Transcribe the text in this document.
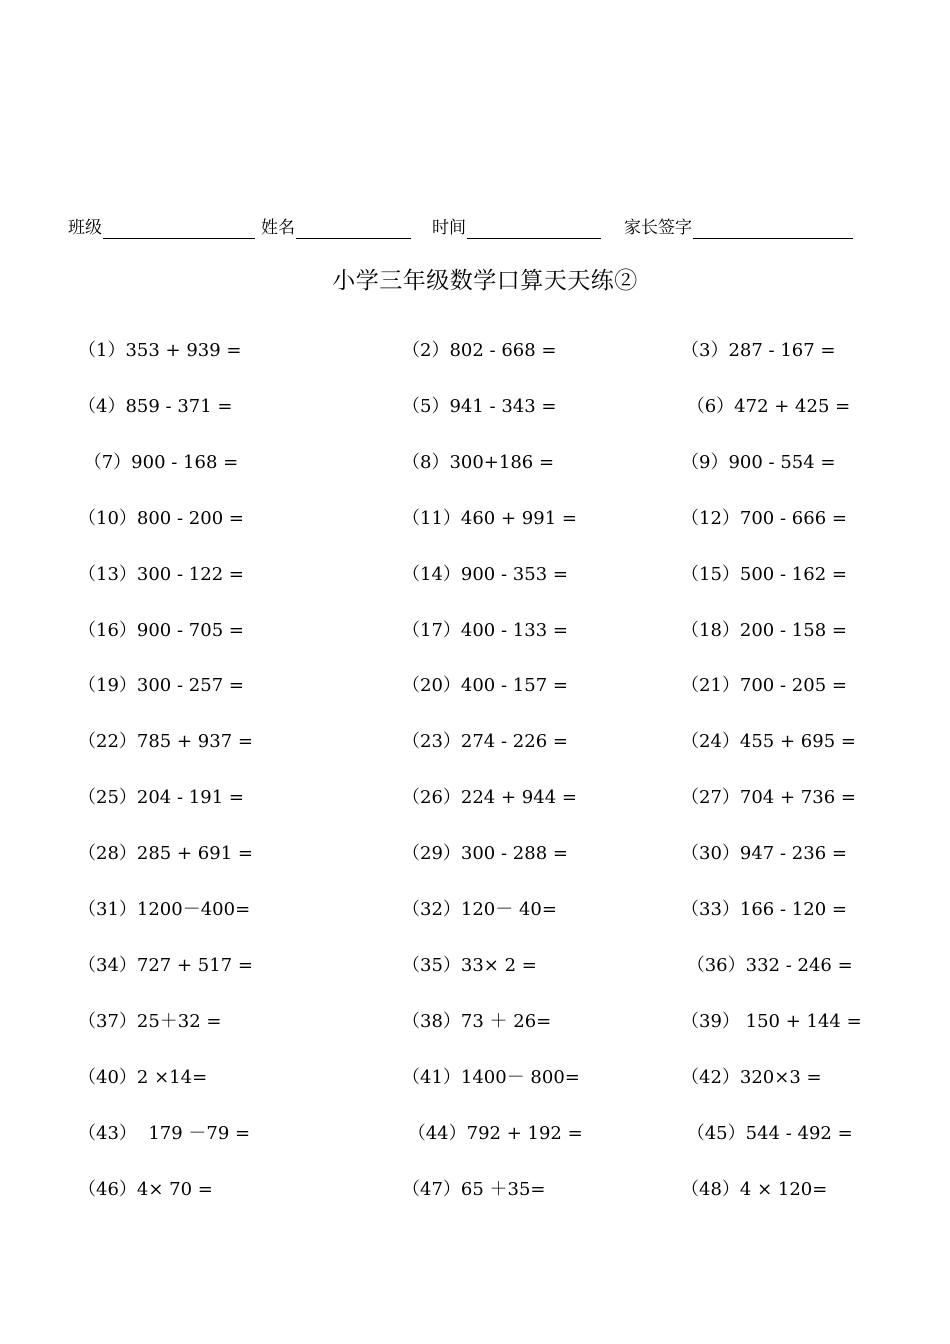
班级	姓名	时间	家长签字
小学三年级数学口算天天练②
（1）353 + 939 =	（2）802 - 668 =	（3）287 - 167 =
（4）859 - 371 =	（5）941 - 343 =	（6）472 + 425 =
（7）900 - 168 =	（8）300+186 =	（9）900 - 554 =
（10）800 - 200 =	（11）460 + 991 =	（12）700 - 666 =
（13）300 - 122 =	（14）900 - 353 =	（15）500 - 162 =
（16）900 - 705 =	（17）400 - 133 =	（18）200 - 158 =
（19）300 - 257 =	（20）400 - 157 =	（21）700 - 205 =
（22）785 + 937 =	（23）274 - 226 =	（24）455 + 695 =
（25）204 - 191 =	（26）224 + 944 =	（27）704 + 736 =
（28）285 + 691 =	（29）300 - 288 =	（30）947 - 236 =
（31）1200－400=	（32）120－ 40=	（33）166 - 120 =
（34）727 + 517 =	（35）33× 2 =	（36）332 - 246 =
（37）25＋32 =	（38）73 ＋ 26=	（39） 150 + 144 =
（40）2 ×14=	（41）1400－ 800=	（42）320×3 =
（43）  179 －79 =	（44）792 + 192 =	（45）544 - 492 =
（46）4× 70 =	（47）65 ＋35=	（48）4 × 120=
